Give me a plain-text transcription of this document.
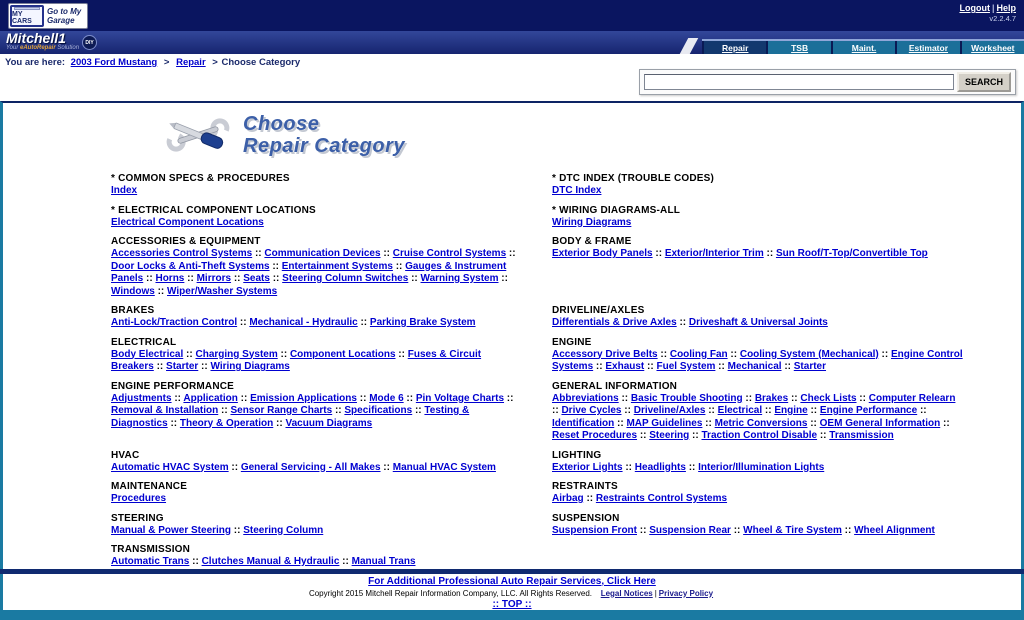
MY CARS
Go to My Garage
Logout | Help
v2.2.4.7
Mitchell1
Your eAutoRepair Solution
DIY	Repair	TSB	Maint.	Estimator	Worksheet
You are here: 2003 Ford Mustang > Repair > Choose Category
SEARCH
Choose
Repair Category
* COMMON SPECS & PROCEDURES
Index
* DTC INDEX (TROUBLE CODES)
DTC Index
* ELECTRICAL COMPONENT LOCATIONS
Electrical Component Locations
* WIRING DIAGRAMS-ALL
Wiring Diagrams
ACCESSORIES & EQUIPMENT
Accessories Control Systems :: Communication Devices :: Cruise Control Systems :: Door Locks & Anti-Theft Systems :: Entertainment Systems :: Gauges & Instrument Panels :: Horns :: Mirrors :: Seats :: Steering Column Switches :: Warning System :: Windows :: Wiper/Washer Systems
BODY & FRAME
Exterior Body Panels :: Exterior/Interior Trim :: Sun Roof/T-Top/Convertible Top
BRAKES
Anti-Lock/Traction Control :: Mechanical - Hydraulic :: Parking Brake System
DRIVELINE/AXLES
Differentials & Drive Axles :: Driveshaft & Universal Joints
ELECTRICAL
Body Electrical :: Charging System :: Component Locations :: Fuses & Circuit Breakers :: Starter :: Wiring Diagrams
ENGINE
Accessory Drive Belts :: Cooling Fan :: Cooling System (Mechanical) :: Engine Control Systems :: Exhaust :: Fuel System :: Mechanical :: Starter
ENGINE PERFORMANCE
Adjustments :: Application :: Emission Applications :: Mode 6 :: Pin Voltage Charts :: Removal & Installation :: Sensor Range Charts :: Specifications :: Testing & Diagnostics :: Theory & Operation :: Vacuum Diagrams
GENERAL INFORMATION
Abbreviations :: Basic Trouble Shooting :: Brakes :: Check Lists :: Computer Relearn :: Drive Cycles :: Driveline/Axles :: Electrical :: Engine :: Engine Performance :: Identification :: MAP Guidelines :: Metric Conversions :: OEM General Information :: Reset Procedures :: Steering :: Traction Control Disable :: Transmission
HVAC
Automatic HVAC System :: General Servicing - All Makes :: Manual HVAC System
LIGHTING
Exterior Lights :: Headlights :: Interior/Illumination Lights
MAINTENANCE
Procedures
RESTRAINTS
Airbag :: Restraints Control Systems
STEERING
Manual & Power Steering :: Steering Column
SUSPENSION
Suspension Front :: Suspension Rear :: Wheel & Tire System :: Wheel Alignment
TRANSMISSION
Automatic Trans :: Clutches Manual & Hydraulic :: Manual Trans
For Additional Professional Auto Repair Services, Click Here
Copyright 2015 Mitchell Repair Information Company, LLC. All Rights Reserved. Legal Notices | Privacy Policy
:: TOP ::
